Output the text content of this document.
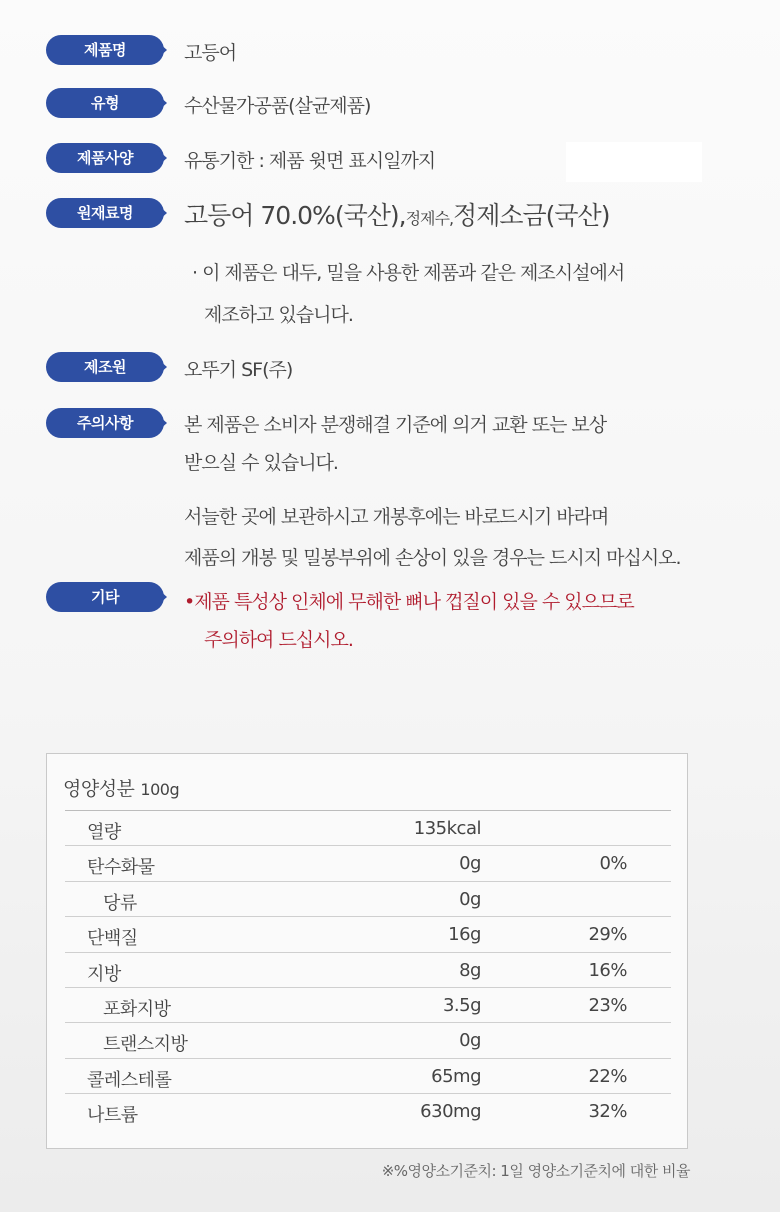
제품명	고등어
유형	수산물가공품(살균제품)
제품사양	유통기한 : 제품 윗면 표시일까지
원재료명	고등어 70.0%(국산),정제수,정제소금(국산)
· 이 제품은 대두, 밀을 사용한 제품과 같은 제조시설에서
제조하고 있습니다.
제조원	오뚜기 SF(주)
주의사항	본 제품은 소비자 분쟁해결 기준에 의거 교환 또는 보상
받으실 수 있습니다.
서늘한 곳에 보관하시고 개봉후에는 바로드시기 바라며
제품의 개봉 및 밀봉부위에 손상이 있을 경우는 드시지 마십시오.
기타	•제품 특성상 인체에 무해한 뼈나 껍질이 있을 수 있으므로
주의하여 드십시오.
영양성분 100g
열량	135kcal
탄수화물	0g	0%
당류	0g
단백질	16g	29%
지방	8g	16%
포화지방	3.5g	23%
트랜스지방	0g
콜레스테롤	65mg	22%
나트륨	630mg	32%
※%영양소기준치: 1일 영양소기준치에 대한 비율
